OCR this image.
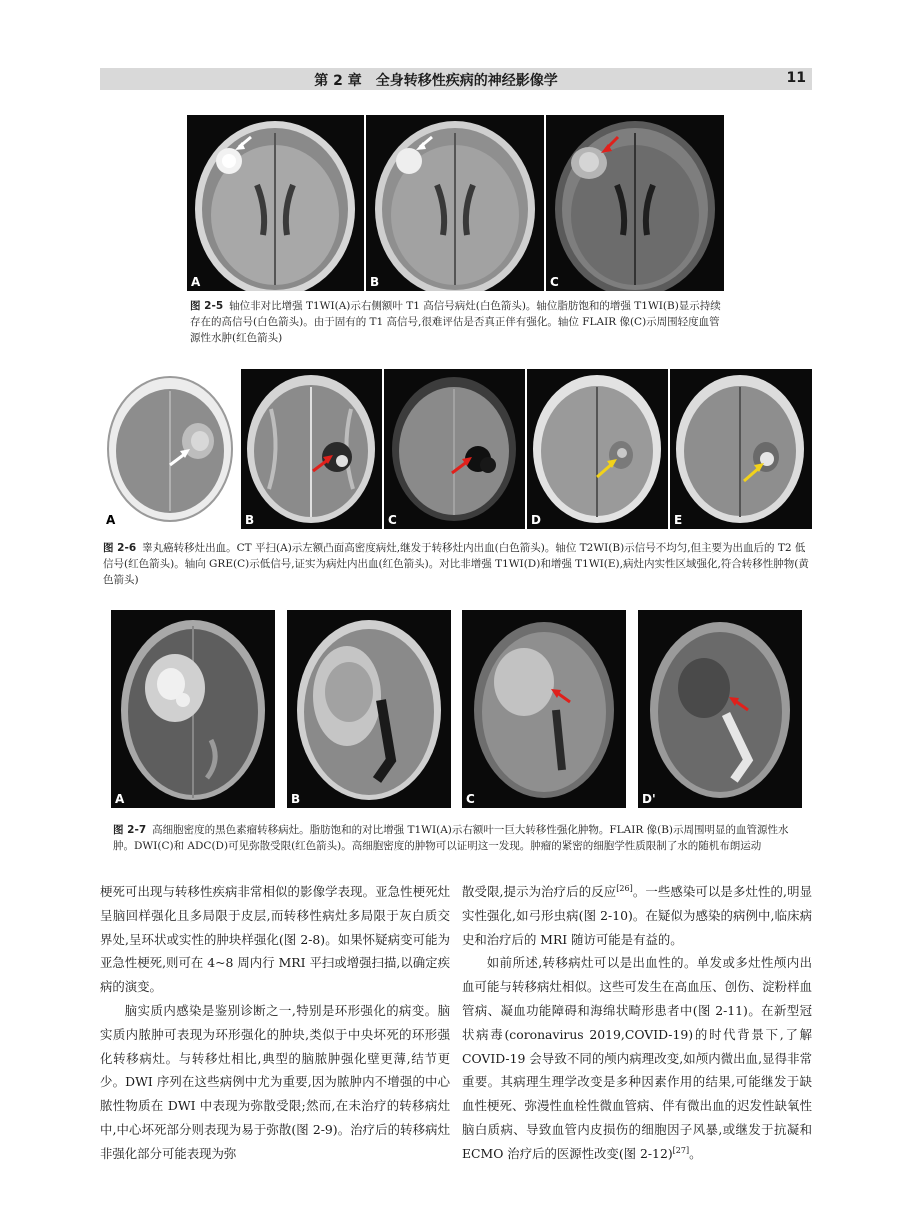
第 2 章　全身转移性疾病的神经影像学	11
A	B	C
图 2-5 轴位非对比增强 T1WI(A)示右侧额叶 T1 高信号病灶(白色箭头)。轴位脂肪饱和的增强 T1WI(B)显示持续存在的高信号(白色箭头)。由于固有的 T1 高信号,很难评估是否真正伴有强化。轴位 FLAIR 像(C)示周围轻度血管源性水肿(红色箭头)
A	B	C	D	E
图 2-6 睾丸癌转移灶出血。CT 平扫(A)示左额凸面高密度病灶,继发于转移灶内出血(白色箭头)。轴位 T2WI(B)示信号不均匀,但主要为出血后的 T2 低信号(红色箭头)。轴向 GRE(C)示低信号,证实为病灶内出血(红色箭头)。对比非增强 T1WI(D)和增强 T1WI(E),病灶内实性区域强化,符合转移性肿物(黄色箭头)
A	B	C	D'
图 2-7 高细胞密度的黑色素瘤转移病灶。脂肪饱和的对比增强 T1WI(A)示右额叶一巨大转移性强化肿物。FLAIR 像(B)示周围明显的血管源性水肿。DWI(C)和 ADC(D)可见弥散受限(红色箭头)。高细胞密度的肿物可以证明这一发现。肿瘤的紧密的细胞学性质限制了水的随机布朗运动

梗死可出现与转移性疾病非常相似的影像学表现。亚急性梗死灶呈脑回样强化且多局限于皮层,而转移性病灶多局限于灰白质交界处,呈环状或实性的肿块样强化(图 2-8)。如果怀疑病变可能为亚急性梗死,则可在 4~8 周内行 MRI 平扫或增强扫描,以确定疾病的演变。

脑实质内感染是鉴别诊断之一,特别是环形强化的病变。脑实质内脓肿可表现为环形强化的肿块,类似于中央坏死的环形强化转移病灶。与转移灶相比,典型的脑脓肿强化壁更薄,结节更少。DWI 序列在这些病例中尤为重要,因为脓肿内不增强的中心脓性物质在 DWI 中表现为弥散受限;然而,在未治疗的转移病灶中,中心坏死部分则表现为易于弥散(图 2-9)。治疗后的转移病灶非强化部分可能表现为弥

散受限,提示为治疗后的反应[26]。一些感染可以是多灶性的,明显实性强化,如弓形虫病(图 2-10)。在疑似为感染的病例中,临床病史和治疗后的 MRI 随访可能是有益的。

如前所述,转移病灶可以是出血性的。单发或多灶性颅内出血可能与转移病灶相似。这些可发生在高血压、创伤、淀粉样血管病、凝血功能障碍和海绵状畸形患者中(图 2-11)。在新型冠状病毒(coronavirus 2019,COVID-19)的时代背景下,了解 COVID-19 会导致不同的颅内病理改变,如颅内微出血,显得非常重要。其病理生理学改变是多种因素作用的结果,可能继发于缺血性梗死、弥漫性血栓性微血管病、伴有微出血的迟发性缺氧性脑白质病、导致血管内皮损伤的细胞因子风暴,或继发于抗凝和 ECMO 治疗后的医源性改变(图 2-12)[27]。
